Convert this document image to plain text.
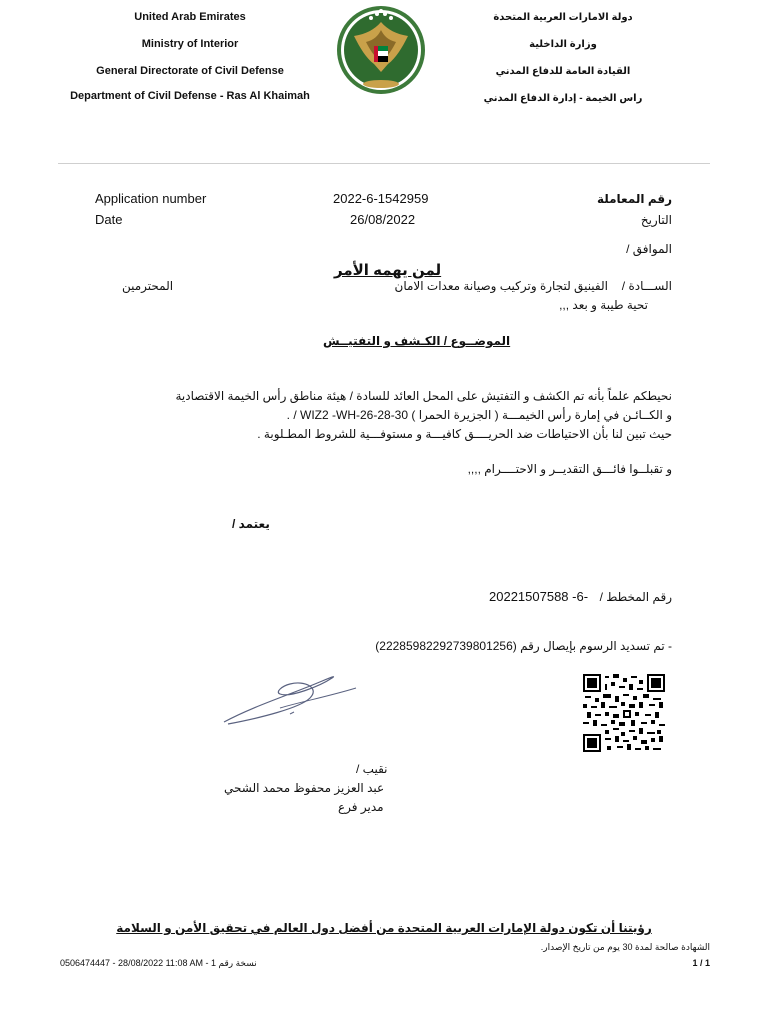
United Arab Emirates
Ministry of Interior
General Directorate of Civil Defense
Department of Civil Defense - Ras Al Khaimah
دولة الامارات العربية المتحدة
وزارة الداخلية
القيادة العامة للدفاع المدني
راس الخيمة - إدارة الدفاع المدني
Application number	2022-6-1542959	رقم المعاملة
Date	26/08/2022	التاريخ
الموافق /
لمن يهمه الأمر
الســـادة /
الفينيق لتجارة وتركيب وصيانة معدات الامان
المحترمين
تحية طيبة و بعد ,,,
الموضــوع / الكـشف و التفتيــش
نحيطكم علماً بأنه تم الكشف و التفتيش على المحل العائد للسادة / هيئة مناطق رأس الخيمة الاقتصادية
و الكــائـن في إمارة رأس الخيمـــة ( الجزيرة الحمرا ) WIZ2 -WH-26-28-30 / .
حيث تبين لنا بأن الاحتياطات ضد الحريــــق كافيـــة و مستوفـــية للشروط المطـلوبة .
و تقبلــوا فائـــق التقديــر و الاحتــــرام ,,,,
يعتمد /
رقم المخطط /
20221507588 -6-
- تم تسديد الرسوم بإيصال رقم (22285982292739801256)
نقيب /
عبد العزيز محفوظ محمد الشحي
مدير فرع
رؤيتنا أن تكون دولة الإمارات العربية المتحدة من أفضل دول العالم في تحقيق الأمن و السلامة
الشهادة صالحة لمدة 30 يوم من تاريخ الإصدار.
0506474447 - 28/08/2022 11:08 AM - نسخة رقم 1	1 / 1
